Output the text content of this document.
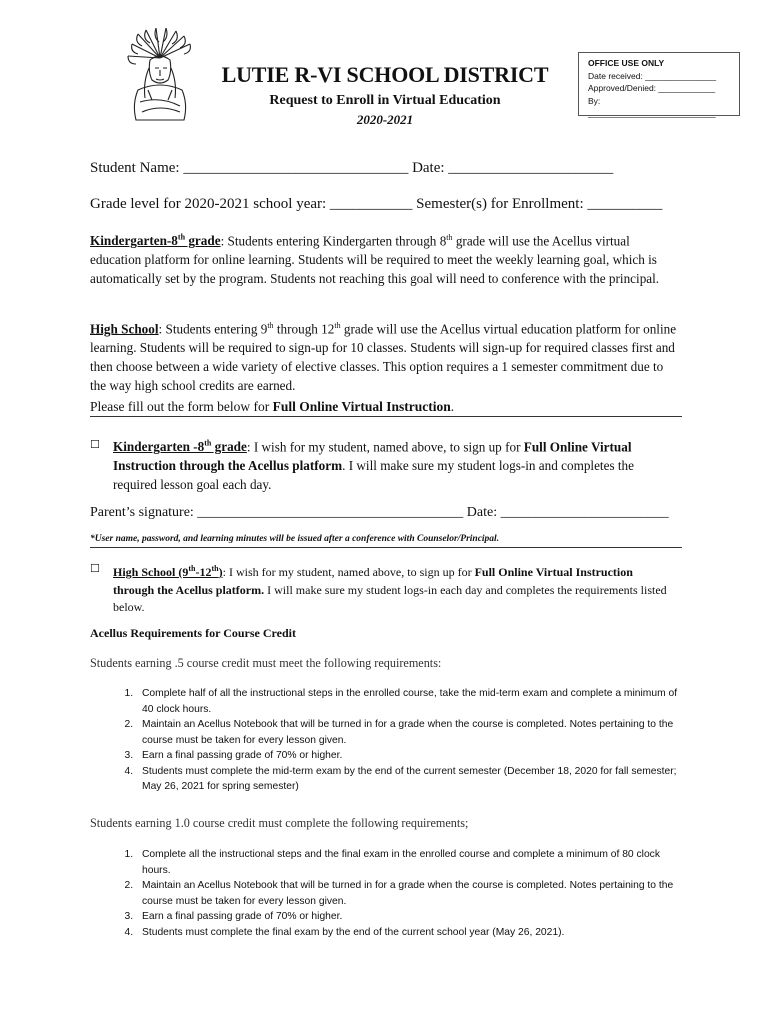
LUTIE R-VI SCHOOL DISTRICT
Request to Enroll in Virtual Education
2020-2021
OFFICE USE ONLY
Date received: _______________
Approved/Denied: ____________
By: ___________________________
Student Name: ______________________________ Date: ______________________
Grade level for 2020-2021 school year: ___________ Semester(s) for Enrollment: __________
Kindergarten-8th grade: Students entering Kindergarten through 8th grade will use the Acellus virtual education platform for online learning. Students will be required to meet the weekly learning goal, which is automatically set by the program. Students not reaching this goal will need to conference with the principal.
High School: Students entering 9th through 12th grade will use the Acellus virtual education platform for online learning. Students will be required to sign-up for 10 classes. Students will sign-up for required classes first and then choose between a wide variety of elective classes. This option requires a 1 semester commitment due to the way high school credits are earned.
Please fill out the form below for Full Online Virtual Instruction.
☐ Kindergarten -8th grade: I wish for my student, named above, to sign up for Full Online Virtual Instruction through the Acellus platform. I will make sure my student logs-in and completes the required lesson goal each day.
Parent’s signature: ______________________________________ Date: ________________________
*User name, password, and learning minutes will be issued after a conference with Counselor/Principal.
☐ High School (9th-12th): I wish for my student, named above, to sign up for Full Online Virtual Instruction through the Acellus platform. I will make sure my student logs-in each day and completes the requirements listed below.
Acellus Requirements for Course Credit
Students earning .5 course credit must meet the following requirements:
1. Complete half of all the instructional steps in the enrolled course, take the mid-term exam and complete a minimum of 40 clock hours.
2. Maintain an Acellus Notebook that will be turned in for a grade when the course is completed. Notes pertaining to the course must be taken for every lesson given.
3. Earn a final passing grade of 70% or higher.
4. Students must complete the mid-term exam by the end of the current semester (December 18, 2020 for fall semester; May 26, 2021 for spring semester)
Students earning 1.0 course credit must complete the following requirements;
1. Complete all the instructional steps and the final exam in the enrolled course and complete a minimum of 80 clock hours.
2. Maintain an Acellus Notebook that will be turned in for a grade when the course is completed. Notes pertaining to the course must be taken for every lesson given.
3. Earn a final passing grade of 70% or higher.
4. Students must complete the final exam by the end of the current school year (May 26, 2021).
